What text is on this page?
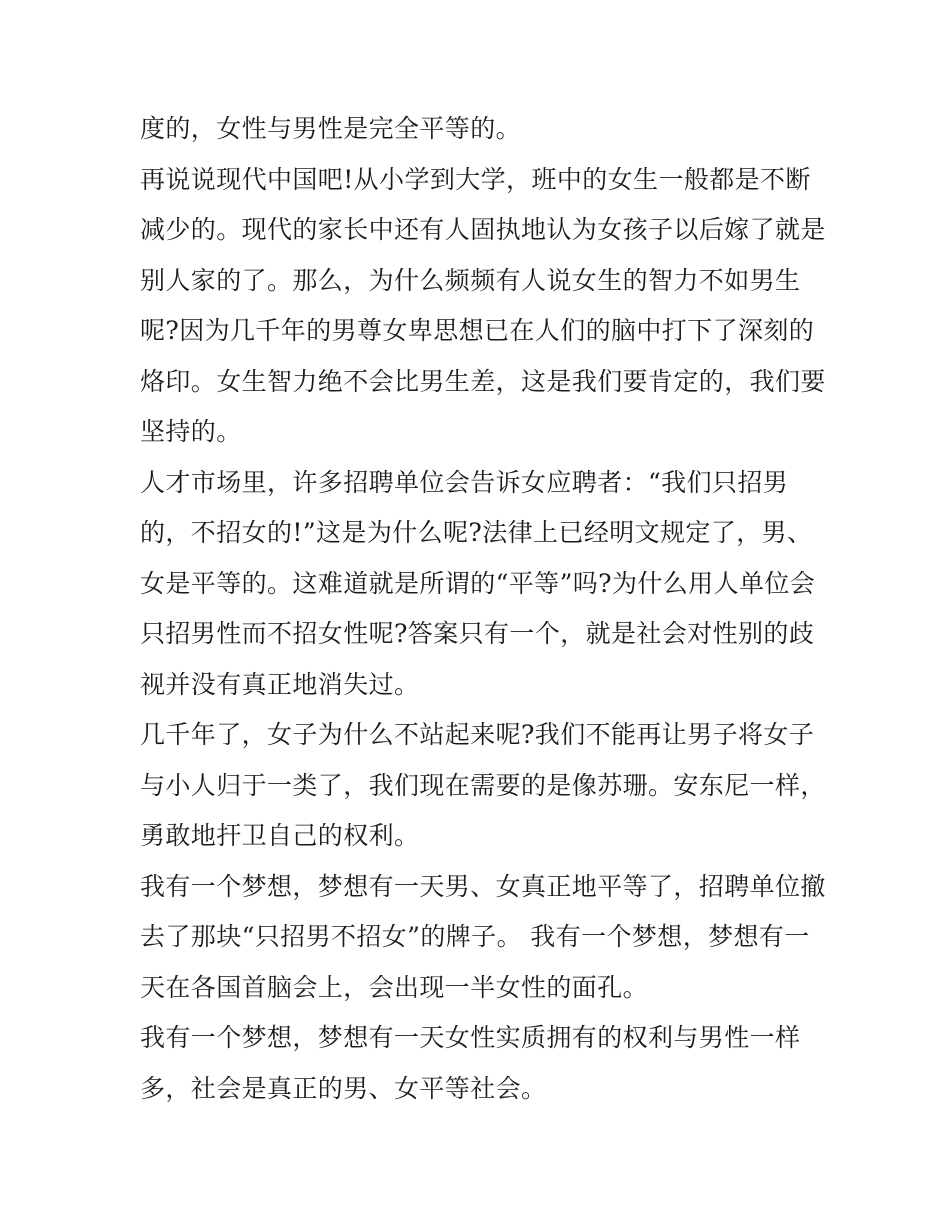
度的，女性与男性是完全平等的。
再说说现代中国吧!从小学到大学，班中的女生一般都是不断
减少的。现代的家长中还有人固执地认为女孩子以后嫁了就是
别人家的了。那么，为什么频频有人说女生的智力不如男生
呢?因为几千年的男尊女卑思想已在人们的脑中打下了深刻的
烙印。女生智力绝不会比男生差，这是我们要肯定的，我们要
坚持的。
人才市场里，许多招聘单位会告诉女应聘者：“我们只招男
的，不招女的!”这是为什么呢?法律上已经明文规定了，男、
女是平等的。这难道就是所谓的“平等”吗?为什么用人单位会
只招男性而不招女性呢?答案只有一个，就是社会对性别的歧
视并没有真正地消失过。
几千年了，女子为什么不站起来呢?我们不能再让男子将女子
与小人归于一类了，我们现在需要的是像苏珊。安东尼一样，
勇敢地扞卫自己的权利。
我有一个梦想，梦想有一天男、女真正地平等了，招聘单位撤
去了那块“只招男不招女”的牌子。 我有一个梦想，梦想有一
天在各国首脑会上，会出现一半女性的面孔。
我有一个梦想，梦想有一天女性实质拥有的权利与男性一样
多，社会是真正的男、女平等社会。
